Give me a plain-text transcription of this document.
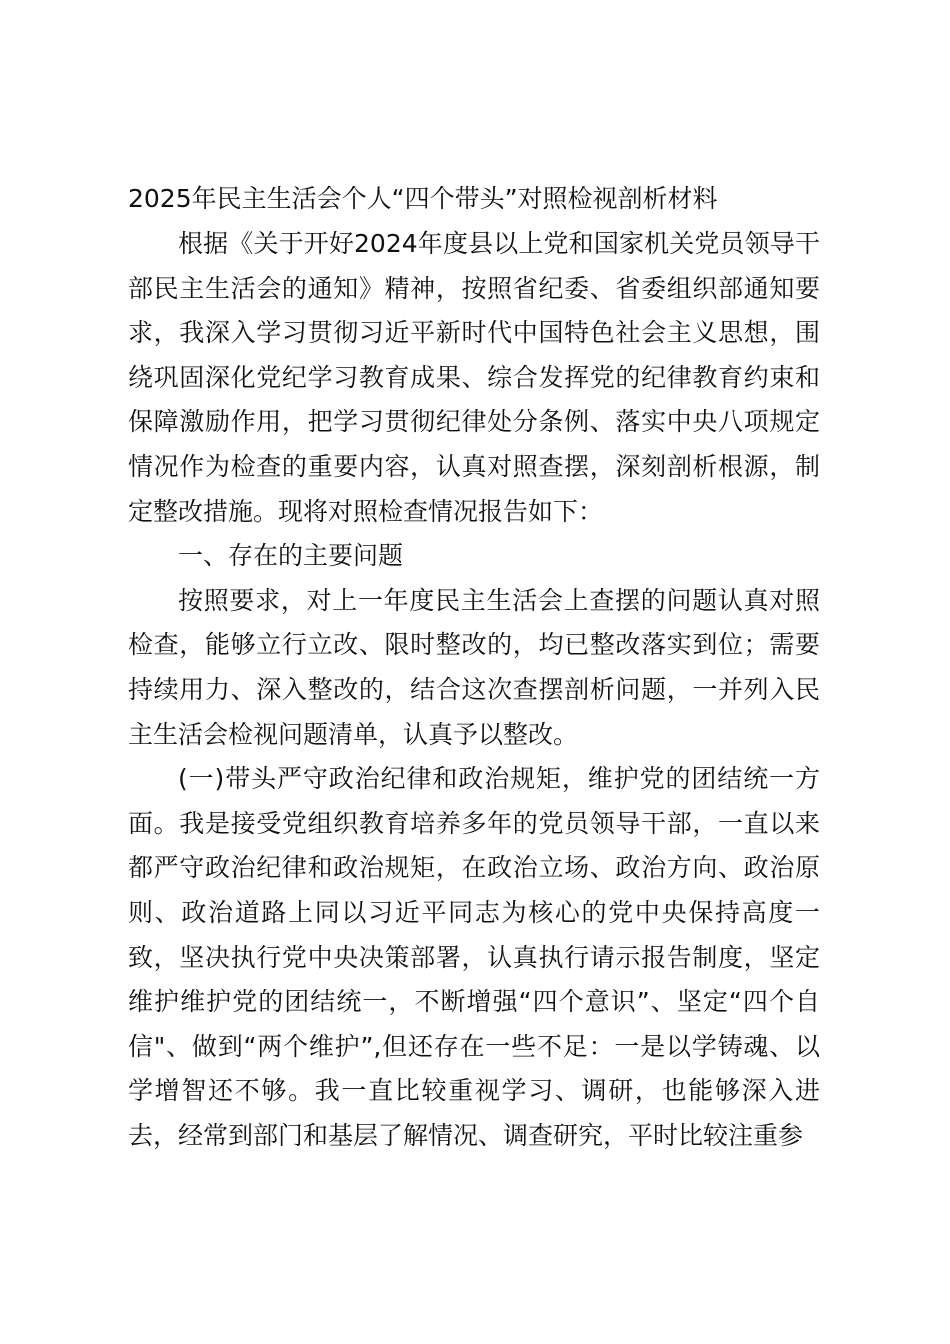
2025年民主生活会个人“四个带头”对照检视剖析材料

根据《关于开好2024年度县以上党和国家机关党员领导干部民主生活会的通知》精神，按照省纪委、省委组织部通知要求，我深入学习贯彻习近平新时代中国特色社会主义思想，围绕巩固深化党纪学习教育成果、综合发挥党的纪律教育约束和保障激励作用，把学习贯彻纪律处分条例、落实中央八项规定情况作为检查的重要内容，认真对照查摆，深刻剖析根源，制定整改措施。现将对照检查情况报告如下：

一、存在的主要问题

按照要求，对上一年度民主生活会上查摆的问题认真对照检查，能够立行立改、限时整改的，均已整改落实到位；需要持续用力、深入整改的，结合这次查摆剖析问题，一并列入民主生活会检视问题清单，认真予以整改。

(一)带头严守政治纪律和政治规矩，维护党的团结统一方面。我是接受党组织教育培养多年的党员领导干部，一直以来都严守政治纪律和政治规矩，在政治立场、政治方向、政治原则、政治道路上同以习近平同志为核心的党中央保持高度一致，坚决执行党中央决策部署，认真执行请示报告制度，坚定维护维护党的团结统一，不断增强“四个意识”、坚定“四个自信"、做到“两个维护”,但还存在一些不足：一是以学铸魂、以学增智还不够。我一直比较重视学习、调研，也能够深入进去，经常到部门和基层了解情况、调查研究，平时比较注重参
